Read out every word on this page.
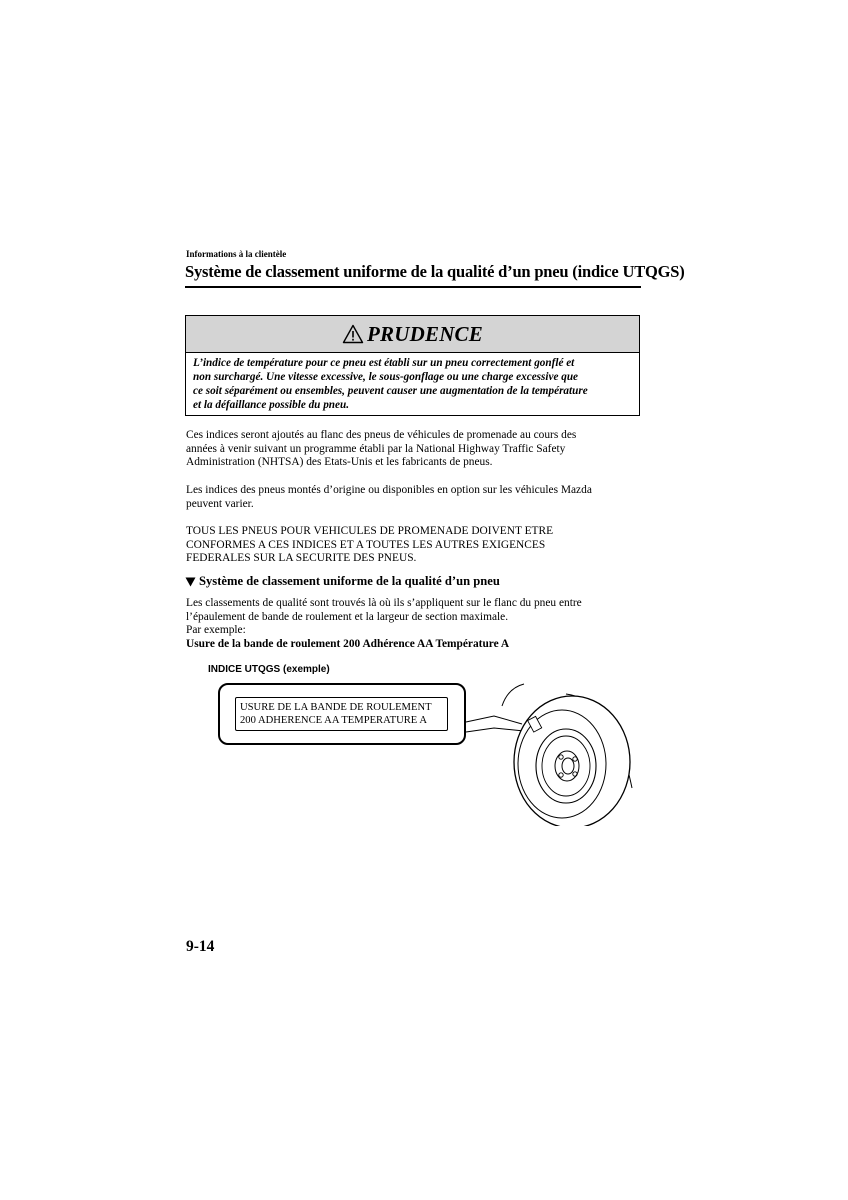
Informations à la clientèle
Système de classement uniforme de la qualité d’un pneu (indice UTQGS)
PRUDENCE
L’indice de température pour ce pneu est établi sur un pneu correctement gonflé et
non surchargé. Une vitesse excessive, le sous-gonflage ou une charge excessive que
ce soit séparément ou ensembles, peuvent causer une augmentation de la température
et la défaillance possible du pneu.
Ces indices seront ajoutés au flanc des pneus de véhicules de promenade au cours des
années à venir suivant un programme établi par la National Highway Traffic Safety
Administration (NHTSA) des Etats-Unis et les fabricants de pneus.
Les indices des pneus montés d’origine ou disponibles en option sur les véhicules Mazda
peuvent varier.
TOUS LES PNEUS POUR VEHICULES DE PROMENADE DOIVENT ETRE
CONFORMES A CES INDICES ET A TOUTES LES AUTRES EXIGENCES
FEDERALES SUR LA SECURITE DES PNEUS.
Système de classement uniforme de la qualité d’un pneu
Les classements de qualité sont trouvés là où ils s’appliquent sur le flanc du pneu entre
l’épaulement de bande de roulement et la largeur de section maximale.
Par exemple:
Usure de la bande de roulement 200 Adhérence AA Température A
INDICE UTQGS (exemple)
USURE DE LA BANDE DE ROULEMENT
200 ADHERENCE AA TEMPERATURE A
9-14
